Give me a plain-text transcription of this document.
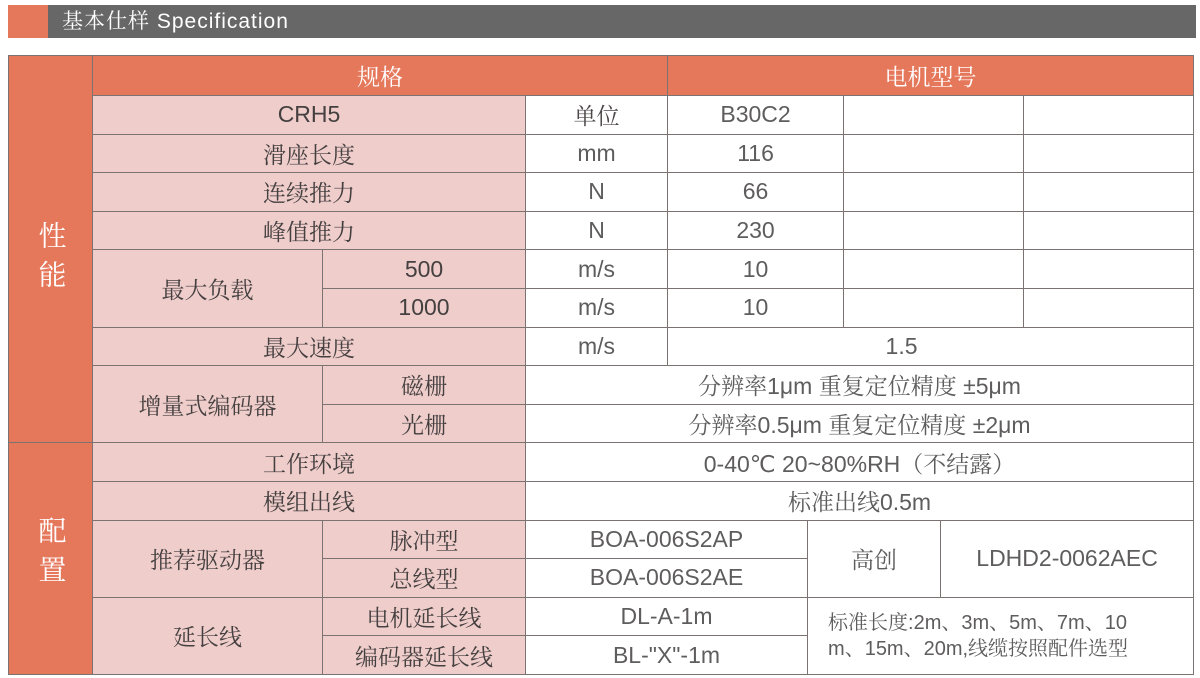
基本仕样 Specification
性能	规格			电机型号				
	CRH5		单位	B30C2				
	滑座长度		mm	116				
	连续推力		N	66				
	峰值推力		N	230				
	最大负载	500	m/s	10				
		1000	m/s	10				
	最大速度		m/s	1.5				
	增量式编码器	磁栅	分辨率1μm 重复定位精度 ±5μm					
		光栅	分辨率0.5μm 重复定位精度 ±2μm					
配置	工作环境		0-40℃ 20~80%RH（不结露）					
	模组出线		标准出线0.5m					
	推荐驱动器	脉冲型	BOA-006S2AP		高创		LDHD2-0062AEC	
		总线型	BOA-006S2AE					
	延长线	电机延长线	DL-A-1m		标准长度:2m、3m、5m、7m、10
m、15m、20m,线缆按照配件选型			

		编码器延长线	BL-"X"-1m					
